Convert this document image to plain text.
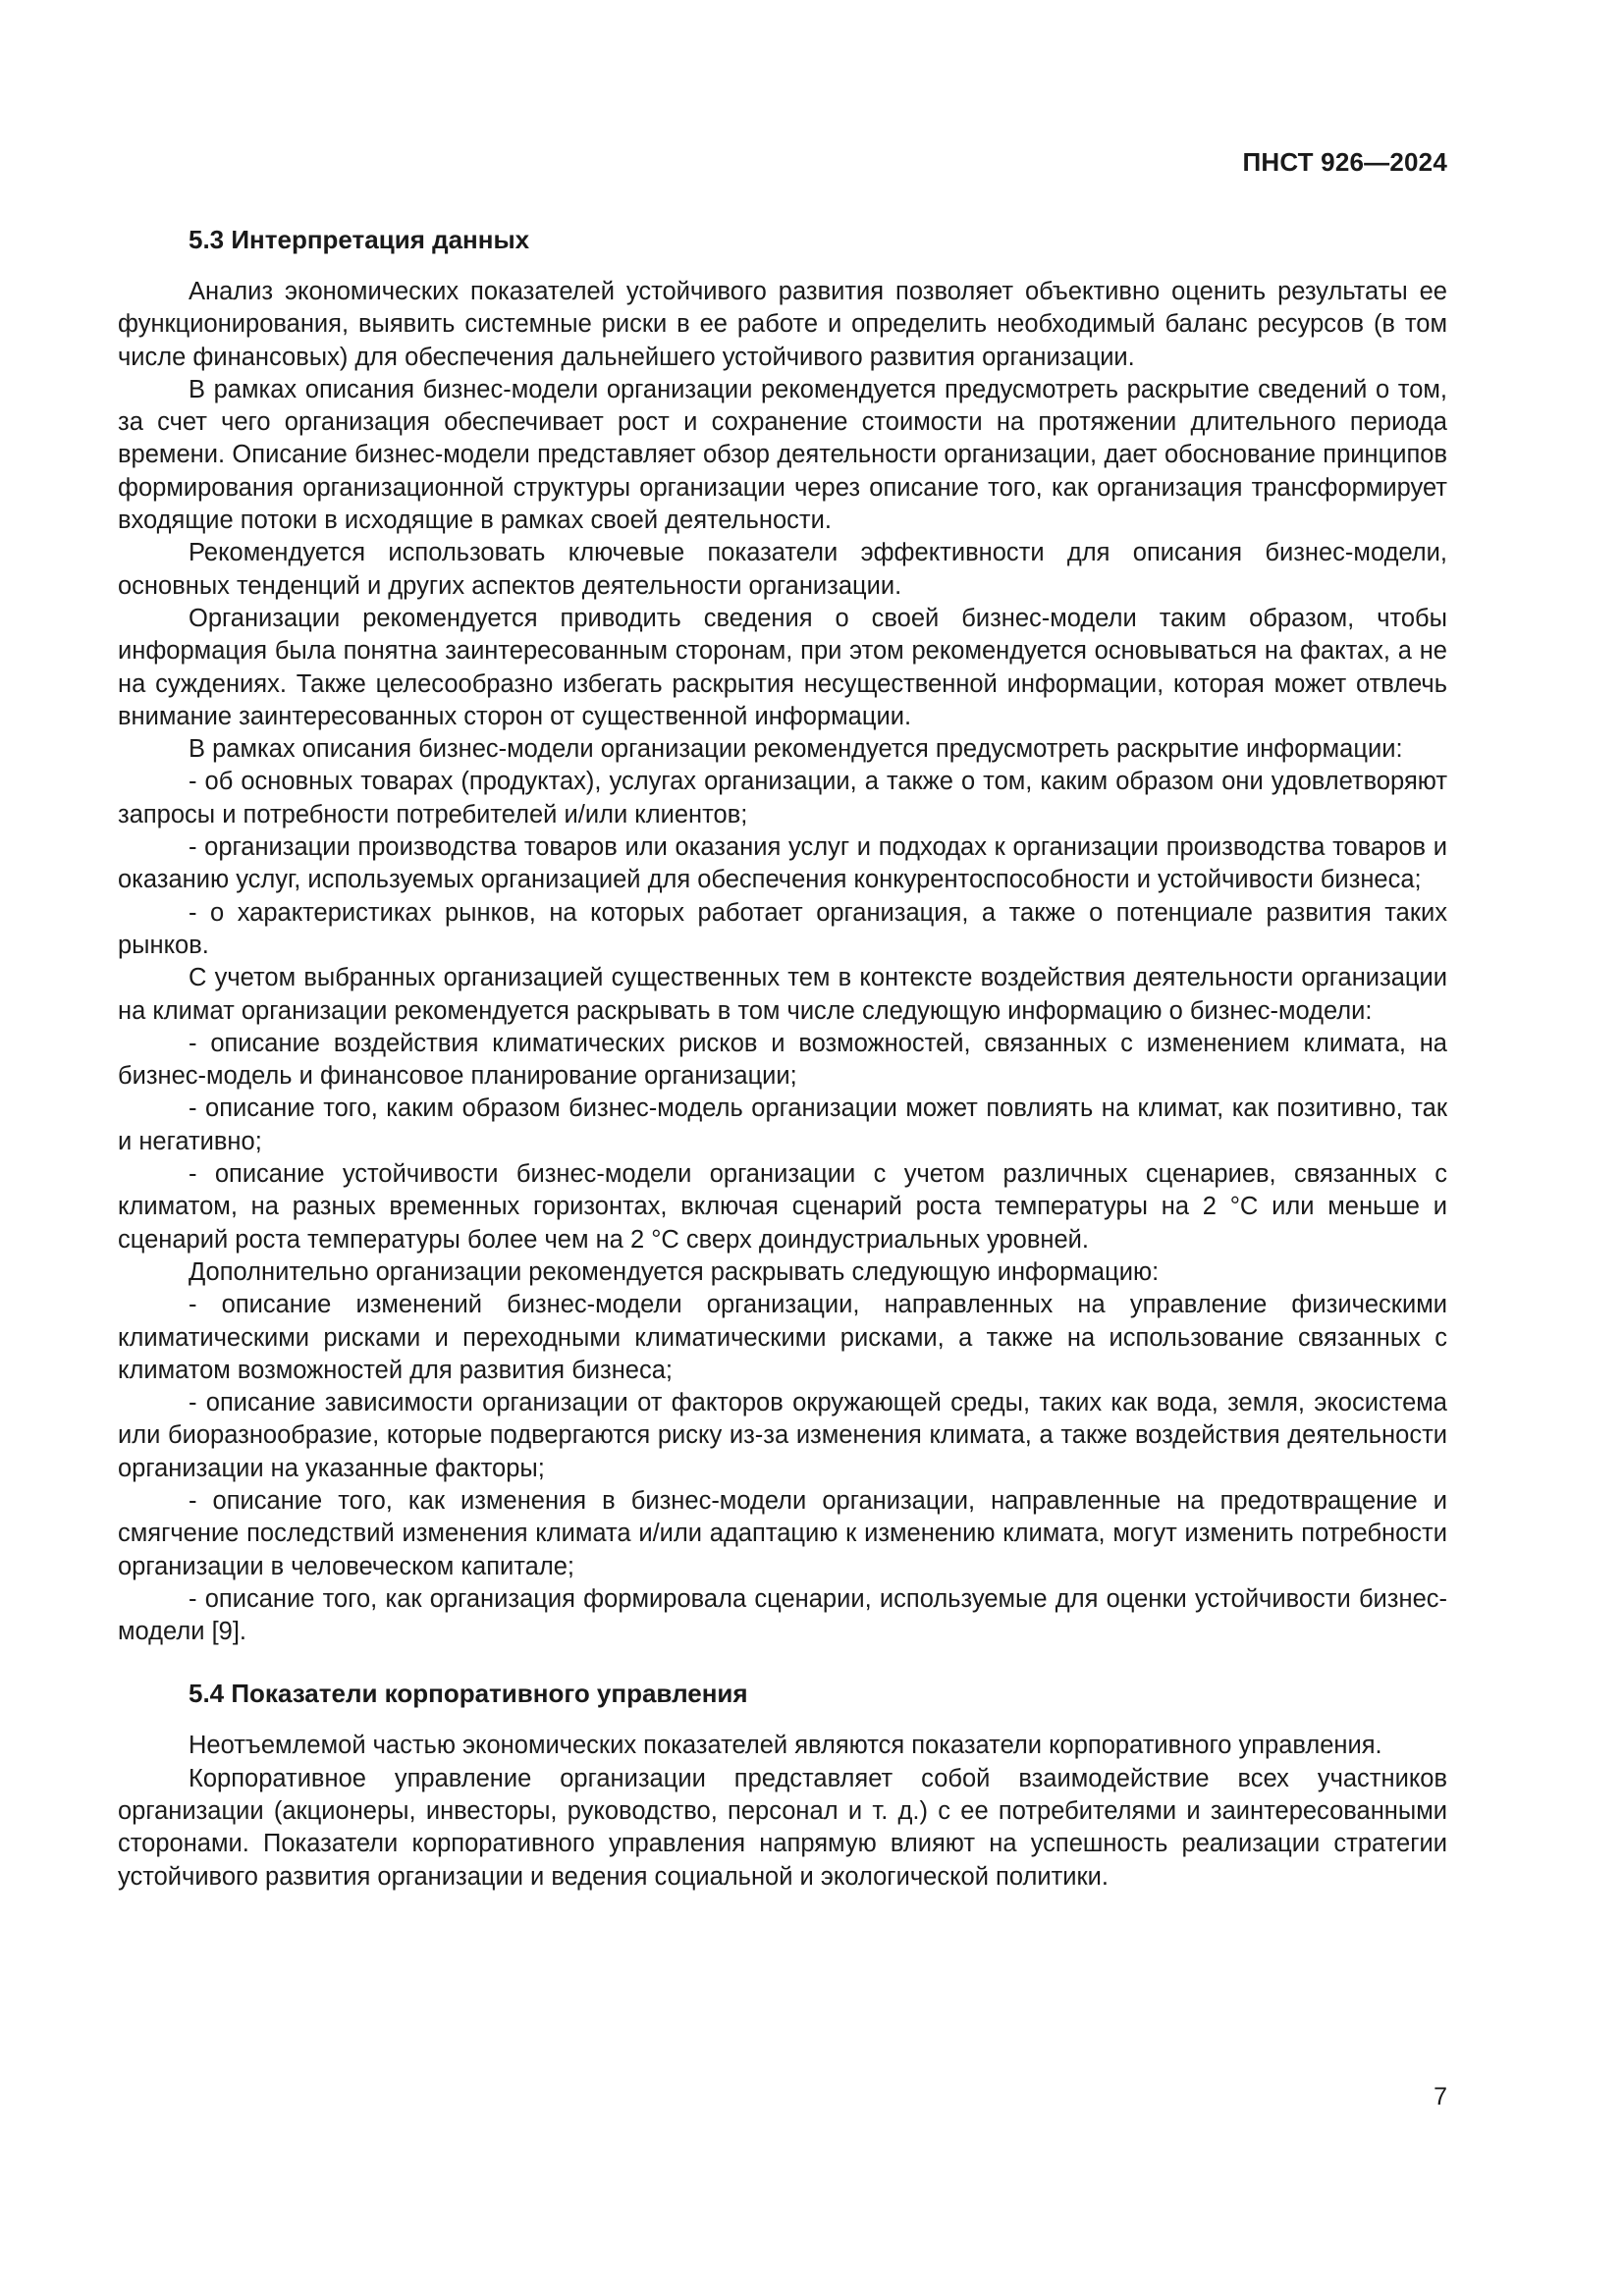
ПНСТ 926—2024
5.3 Интерпретация данных

Анализ экономических показателей устойчивого развития позволяет объективно оценить результаты ее функционирования, выявить системные риски в ее работе и определить необходимый баланс ресурсов (в том числе финансовых) для обеспечения дальнейшего устойчивого развития организации.

В рамках описания бизнес-модели организации рекомендуется предусмотреть раскрытие сведений о том, за счет чего организация обеспечивает рост и сохранение стоимости на протяжении длительного периода времени. Описание бизнес-модели представляет обзор деятельности организации, дает обоснование принципов формирования организационной структуры организации через описание того, как организация трансформирует входящие потоки в исходящие в рамках своей деятельности.

Рекомендуется использовать ключевые показатели эффективности для описания бизнес-модели, основных тенденций и других аспектов деятельности организации.

Организации рекомендуется приводить сведения о своей бизнес-модели таким образом, чтобы информация была понятна заинтересованным сторонам, при этом рекомендуется основываться на фактах, а не на суждениях. Также целесообразно избегать раскрытия несущественной информации, которая может отвлечь внимание заинтересованных сторон от существенной информации.

В рамках описания бизнес-модели организации рекомендуется предусмотреть раскрытие информации:

- об основных товарах (продуктах), услугах организации, а также о том, каким образом они удовлетворяют запросы и потребности потребителей и/или клиентов;

- организации производства товаров или оказания услуг и подходах к организации производства товаров и оказанию услуг, используемых организацией для обеспечения конкурентоспособности и устойчивости бизнеса;

- о характеристиках рынков, на которых работает организация, а также о потенциале развития таких рынков.

С учетом выбранных организацией существенных тем в контексте воздействия деятельности организации на климат организации рекомендуется раскрывать в том числе следующую информацию о бизнес-модели:

- описание воздействия климатических рисков и возможностей, связанных с изменением климата, на бизнес-модель и финансовое планирование организации;

- описание того, каким образом бизнес-модель организации может повлиять на климат, как позитивно, так и негативно;

- описание устойчивости бизнес-модели организации с учетом различных сценариев, связанных с климатом, на разных временных горизонтах, включая сценарий роста температуры на 2 °С или меньше и сценарий роста температуры более чем на 2 °С сверх доиндустриальных уровней.

Дополнительно организации рекомендуется раскрывать следующую информацию:

- описание изменений бизнес-модели организации, направленных на управление физическими климатическими рисками и переходными климатическими рисками, а также на использование связанных с климатом возможностей для развития бизнеса;

- описание зависимости организации от факторов окружающей среды, таких как вода, земля, экосистема или биоразнообразие, которые подвергаются риску из-за изменения климата, а также воздействия деятельности организации на указанные факторы;

- описание того, как изменения в бизнес-модели организации, направленные на предотвращение и смягчение последствий изменения климата и/или адаптацию к изменению климата, могут изменить потребности организации в человеческом капитале;

- описание того, как организация формировала сценарии, используемые для оценки устойчивости бизнес-модели [9].

5.4 Показатели корпоративного управления

Неотъемлемой частью экономических показателей являются показатели корпоративного управления.

Корпоративное управление организации представляет собой взаимодействие всех участников организации (акционеры, инвесторы, руководство, персонал и т. д.) с ее потребителями и заинтересованными сторонами. Показатели корпоративного управления напрямую влияют на успешность реализации стратегии устойчивого развития организации и ведения социальной и экологической политики.

7
